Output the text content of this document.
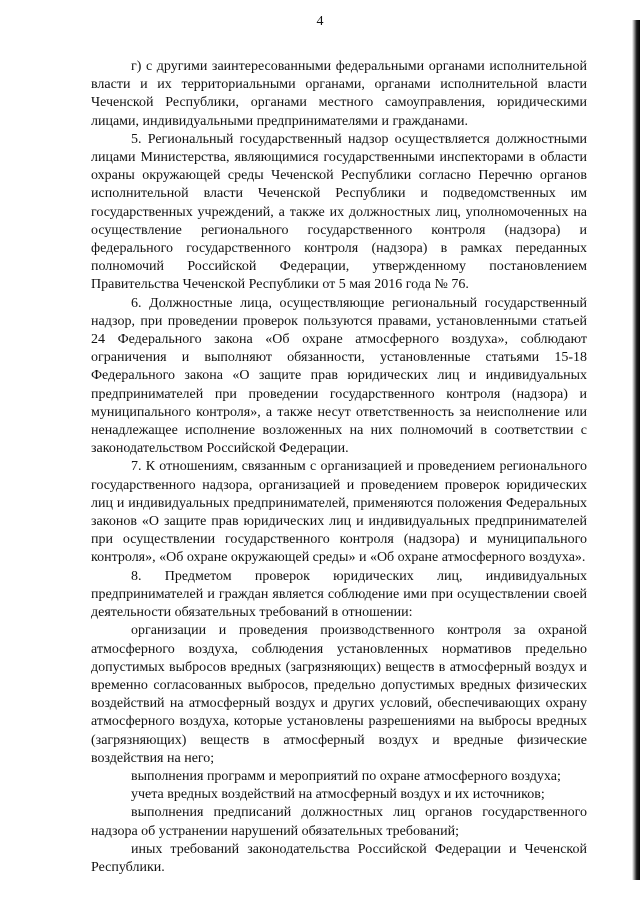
4

г) с другими заинтересованными федеральными органами исполнительной власти и их территориальными органами, органами исполнительной власти Чеченской Республики, органами местного самоуправления, юридическими лицами, индивидуальными предпринимателями и гражданами.

5. Региональный государственный надзор осуществляется должностными лицами Министерства, являющимися государственными инспекторами в области охраны окружающей среды Чеченской Республики согласно Перечню органов исполнительной власти Чеченской Республики и подведомственных им государственных учреждений, а также их должностных лиц, уполномоченных на осуществление регионального государственного контроля (надзора) и федерального государственного контроля (надзора) в рамках переданных полномочий Российской Федерации, утвержденному постановлением Правительства Чеченской Республики от 5 мая 2016 года № 76.

6. Должностные лица, осуществляющие региональный государственный надзор, при проведении проверок пользуются правами, установленными статьей 24 Федерального закона «Об охране атмосферного воздуха», соблюдают ограничения и выполняют обязанности, установленные статьями 15-18 Федерального закона «О защите прав юридических лиц и индивидуальных предпринимателей при проведении государственного контроля (надзора) и муниципального контроля», а также несут ответственность за неисполнение или ненадлежащее исполнение возложенных на них полномочий в соответствии с законодательством Российской Федерации.

7. К отношениям, связанным с организацией и проведением регионального государственного надзора, организацией и проведением проверок юридических лиц и индивидуальных предпринимателей, применяются положения Федеральных законов «О защите прав юридических лиц и индивидуальных предпринимателей при осуществлении государственного контроля (надзора) и муниципального контроля», «Об охране окружающей среды» и «Об охране атмосферного воздуха».

8. Предметом проверок юридических лиц, индивидуальных предпринимателей и граждан является соблюдение ими при осуществлении своей деятельности обязательных требований в отношении:

организации и проведения производственного контроля за охраной атмосферного воздуха, соблюдения установленных нормативов предельно допустимых выбросов вредных (загрязняющих) веществ в атмосферный воздух и временно согласованных выбросов, предельно допустимых вредных физических воздействий на атмосферный воздух и других условий, обеспечивающих охрану атмосферного воздуха, которые установлены разрешениями на выбросы вредных (загрязняющих) веществ в атмосферный воздух и вредные физические воздействия на него;

выполнения программ и мероприятий по охране атмосферного воздуха;

учета вредных воздействий на атмосферный воздух и их источников;

выполнения предписаний должностных лиц органов государственного надзора об устранении нарушений обязательных требований;

иных требований законодательства Российской Федерации и Чеченской Республики.
